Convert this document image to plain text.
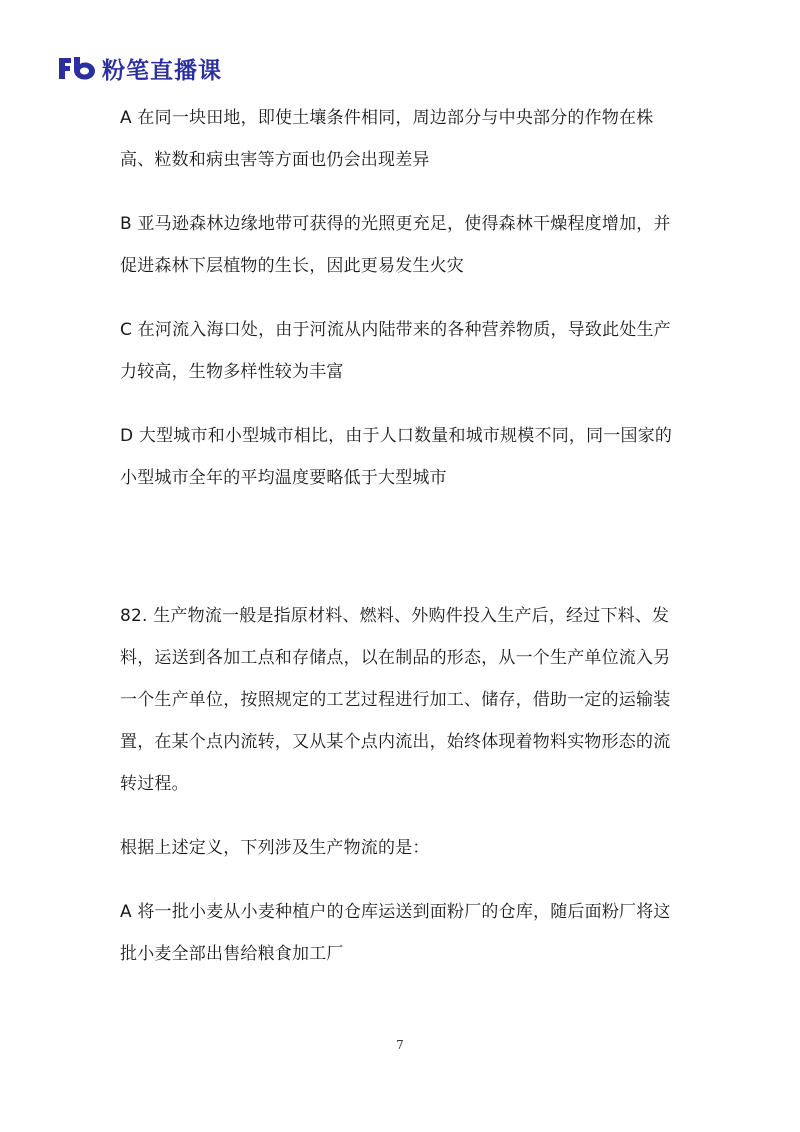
粉笔直播课

A 在同一块田地，即使土壤条件相同，周边部分与中央部分的作物在株高、粒数和病虫害等方面也仍会出现差异

B 亚马逊森林边缘地带可获得的光照更充足，使得森林干燥程度增加，并促进森林下层植物的生长，因此更易发生火灾

C 在河流入海口处，由于河流从内陆带来的各种营养物质，导致此处生产力较高，生物多样性较为丰富

D 大型城市和小型城市相比，由于人口数量和城市规模不同，同一国家的小型城市全年的平均温度要略低于大型城市

82. 生产物流一般是指原材料、燃料、外购件投入生产后，经过下料、发料，运送到各加工点和存储点，以在制品的形态，从一个生产单位流入另一个生产单位，按照规定的工艺过程进行加工、储存，借助一定的运输装置，在某个点内流转，又从某个点内流出，始终体现着物料实物形态的流转过程。

根据上述定义，下列涉及生产物流的是：

A 将一批小麦从小麦种植户的仓库运送到面粉厂的仓库，随后面粉厂将这批小麦全部出售给粮食加工厂

7
